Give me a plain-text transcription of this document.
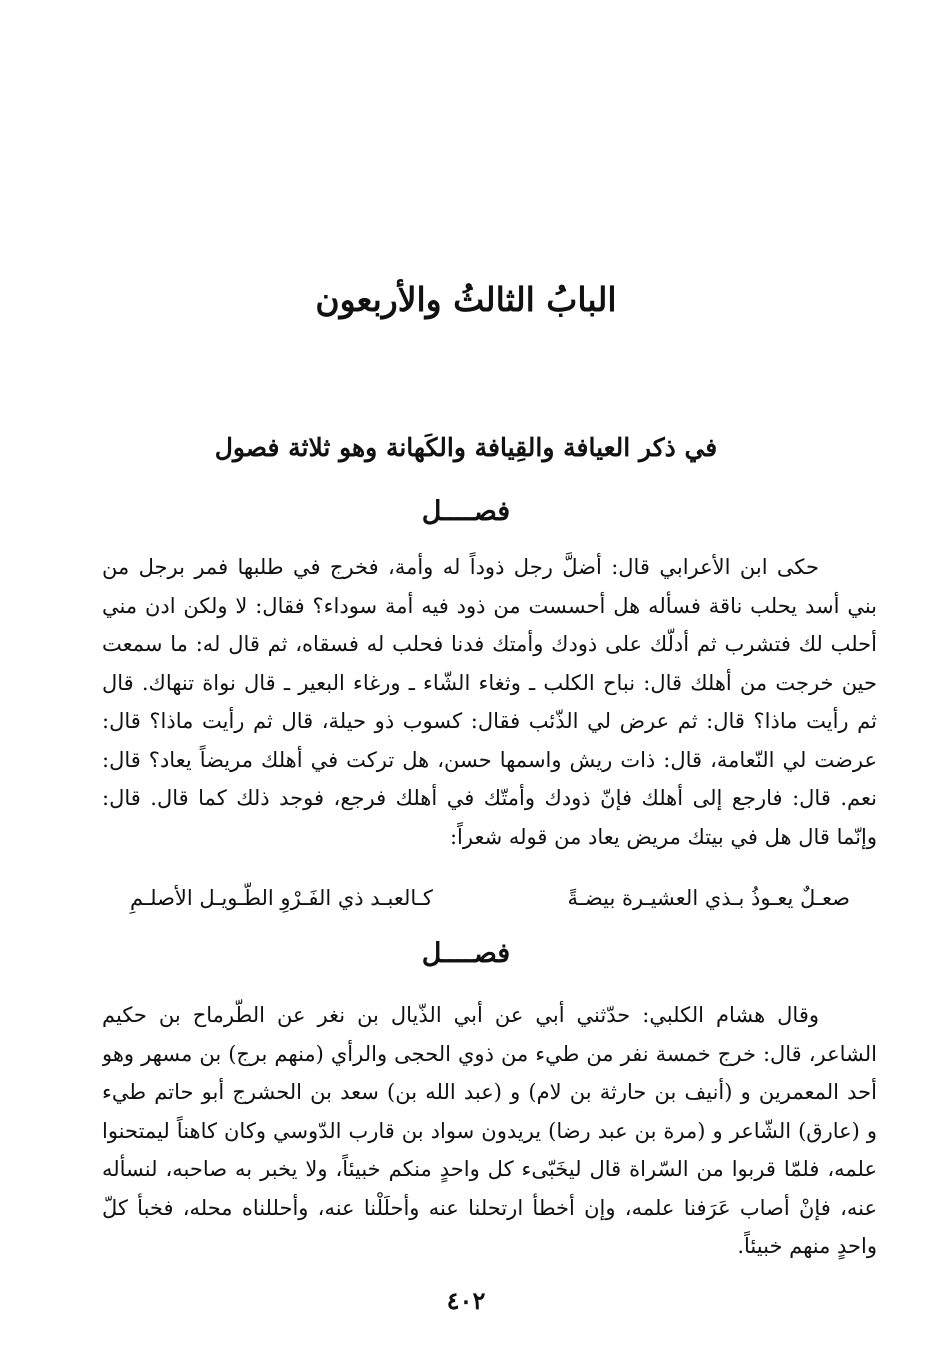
البابُ الثالثُ والأربعون
في ذكر العيافة والقِيافة والكَهانة وهو ثلاثة فصول
فصــــل
حكى ابن الأعرابي قال: أضلَّ رجل ذوداً له وأمة، فخرج في طلبها فمر برجل من
بني أسد يحلب ناقة فسأله هل أحسست من ذود فيه أمة سوداء؟ فقال: لا ولكن ادن مني
أحلب لك فتشرب ثم أدلّك على ذودك وأمتك فدنا فحلب له فسقاه، ثم قال له: ما سمعت
حين خرجت من أهلك قال: نباح الكلب ـ وثغاء الشّاء ـ ورغاء البعير ـ قال نواة تنهاك. قال
ثم رأيت ماذا؟ قال: ثم عرض لي الذّئب فقال: كسوب ذو حيلة، قال ثم رأيت ماذا؟ قال:
عرضت لي النّعامة، قال: ذات ريش واسمها حسن، هل تركت في أهلك مريضاً يعاد؟ قال:
نعم. قال: فارجع إلى أهلك فإنّ ذودك وأمتّك في أهلك فرجع، فوجد ذلك كما قال. قال:
وإنّما قال هل في بيتك مريض يعاد من قوله شعراً:
صعـلٌ يعـوذُ بـذي العشيـرة بيضـةً
كـالعبـد ذي الفَـرْوِ الطّـويـل الأصلـمِ
فصــــل
وقال هشام الكلبي: حدّثني أبي عن أبي الذّيال بن نغر عن الطّرماح بن حكيم
الشاعر، قال: خرج خمسة نفر من طيء من ذوي الحجى والرأي (منهم برج) بن مسهر وهو
أحد المعمرين و (أنيف بن حارثة بن لام) و (عبد الله بن) سعد بن الحشرج أبو حاتم طيء
و (عارق) الشّاعر و (مرة بن عبد رضا) يريدون سواد بن قارب الدّوسي وكان كاهناً ليمتحنوا
علمه، فلمّا قربوا من السّراة قال ليخَبّىء كل واحدٍ منكم خبيئاً، ولا يخبر به صاحبه، لنسأله
عنه، فإنْ أصاب عَرَفنا علمه، وإن أخطأ ارتحلنا عنه وأحلَلْنا عنه، وأحللناه محله، فخبأ كلّ
واحدٍ منهم خبيئاً.
٤٠٢
